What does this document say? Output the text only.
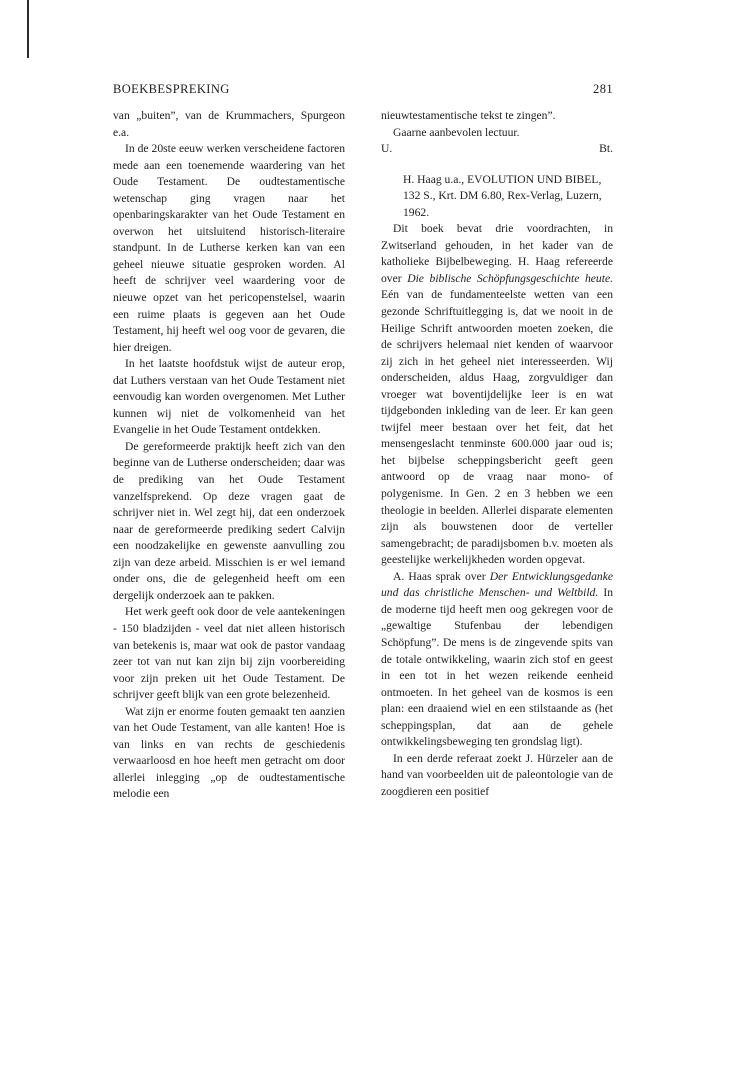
BOEKBESPREKING	281

van „buiten”, van de Krummachers, Spurgeon e.a.

In de 20ste eeuw werken verscheidene factoren mede aan een toenemende waardering van het Oude Testament. De oudtestamentische wetenschap ging vragen naar het openbaringskarakter van het Oude Testament en overwon het uitsluitend historisch-literaire standpunt. In de Lutherse kerken kan van een geheel nieuwe situatie gesproken worden. Al heeft de schrijver veel waardering voor de nieuwe opzet van het pericopenstelsel, waarin een ruime plaats is gegeven aan het Oude Testament, hij heeft wel oog voor de gevaren, die hier dreigen.

In het laatste hoofdstuk wijst de auteur erop, dat Luthers verstaan van het Oude Testament niet eenvoudig kan worden overgenomen. Met Luther kunnen wij niet de volkomenheid van het Evangelie in het Oude Testament ontdekken.

De gereformeerde praktijk heeft zich van den beginne van de Lutherse onderscheiden; daar was de prediking van het Oude Testament vanzelfsprekend. Op deze vragen gaat de schrijver niet in. Wel zegt hij, dat een onderzoek naar de gereformeerde prediking sedert Calvijn een noodzakelijke en gewenste aanvulling zou zijn van deze arbeid. Misschien is er wel iemand onder ons, die de gelegenheid heeft om een dergelijk onderzoek aan te pakken.

Het werk geeft ook door de vele aantekeningen - 150 bladzijden - veel dat niet alleen historisch van betekenis is, maar wat ook de pastor vandaag zeer tot van nut kan zijn bij zijn voorbereiding voor zijn preken uit het Oude Testament. De schrijver geeft blijk van een grote belezenheid.

Wat zijn er enorme fouten gemaakt ten aanzien van het Oude Testament, van alle kanten! Hoe is van links en van rechts de geschiedenis verwaarloosd en hoe heeft men getracht om door allerlei inlegging „op de oudtestamentische melodie een

nieuwtestamentische tekst te zingen”.

Gaarne aanbevolen lectuur.

U.	Bt.

H. Haag u.a., EVOLUTION UND BIBEL, 132 S., Krt. DM 6.80, Rex-Verlag, Luzern, 1962.

Dit boek bevat drie voordrachten, in Zwitserland gehouden, in het kader van de katholieke Bijbelbeweging. H. Haag refereerde over Die biblische Schöpfungsgeschichte heute. Eén van de fundamenteelste wetten van een gezonde Schriftuitlegging is, dat we nooit in de Heilige Schrift antwoorden moeten zoeken, die de schrijvers helemaal niet kenden of waarvoor zij zich in het geheel niet interesseerden. Wij onderscheiden, aldus Haag, zorgvuldiger dan vroeger wat boventijdelijke leer is en wat tijdgebonden inkleding van de leer. Er kan geen twijfel meer bestaan over het feit, dat het mensengeslacht tenminste 600.000 jaar oud is; het bijbelse scheppingsbericht geeft geen antwoord op de vraag naar mono- of polygenisme. In Gen. 2 en 3 hebben we een theologie in beelden. Allerlei disparate elementen zijn als bouwstenen door de verteller samengebracht; de paradijsbomen b.v. moeten als geestelijke werkelijkheden worden opgevat.

A. Haas sprak over Der Entwicklungsgedanke und das christliche Menschen- und Weltbild. In de moderne tijd heeft men oog gekregen voor de „gewaltige Stufenbau der lebendigen Schöpfung”. De mens is de zingevende spits van de totale ontwikkeling, waarin zich stof en geest in een tot in het wezen reikende eenheid ontmoeten. In het geheel van de kosmos is een plan: een draaiend wiel en een stilstaande as (het scheppingsplan, dat aan de gehele ontwikkelingsbeweging ten grondslag ligt).

In een derde referaat zoekt J. Hürzeler aan de hand van voorbeelden uit de paleontologie van de zoogdieren een positief
